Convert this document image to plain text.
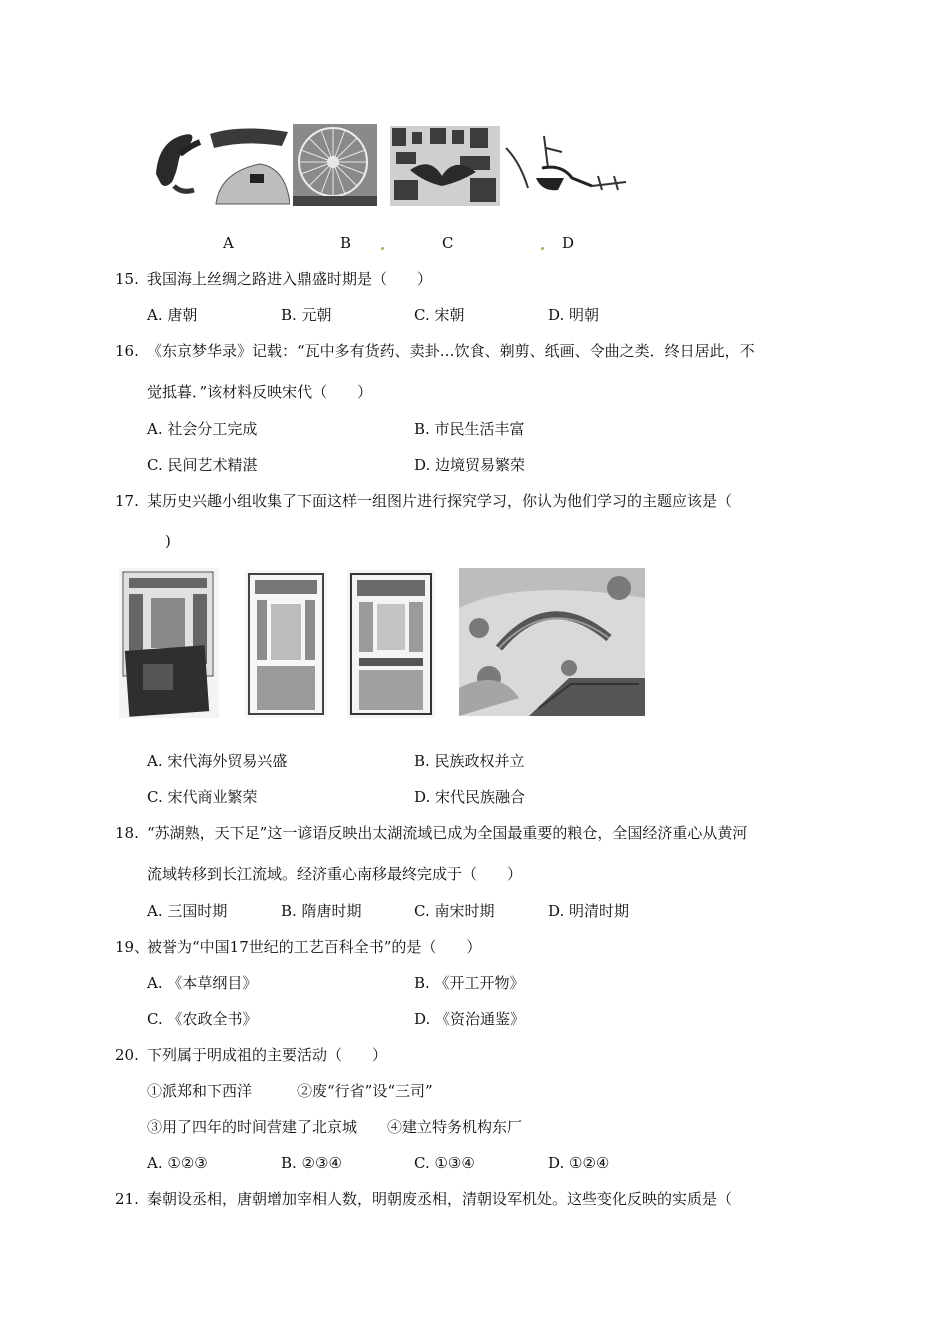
A	B	C	D
15. 我国海上丝绸之路进入鼎盛时期是（　　）
A. 唐朝	B. 元朝	C. 宋朝	D. 明朝
16. 《东京梦华录》记载：“瓦中多有货药、卖卦…饮食、剃剪、纸画、令曲之类．终日居此，不
觉抵暮．”该材料反映宋代（　　）
A. 社会分工完成	B. 市民生活丰富
C. 民间艺术精湛	D. 边境贸易繁荣
17. 某历史兴趣小组收集了下面这样一组图片进行探究学习，你认为他们学习的主题应该是（
)
A. 宋代海外贸易兴盛	B. 民族政权并立
C. 宋代商业繁荣	D. 宋代民族融合
18. “苏湖熟，天下足”这一谚语反映出太湖流域已成为全国最重要的粮仓，全国经济重心从黄河
流域转移到长江流域。经济重心南移最终完成于（　　）
A. 三国时期	B. 隋唐时期	C. 南宋时期	D. 明清时期
19、
被誉为“中国17世纪的工艺百科全书”的是（　　）
A. 《本草纲目》	B. 《开工开物》
C. 《农政全书》	D. 《资治通鉴》
20. 下列属于明成祖的主要活动（　　）
①派郑和下西洋　　　②废“行省”设“三司”
③用了四年的时间营建了北京城　　④建立特务机构东厂
A. ①②③	B. ②③④	C. ①③④	D. ①②④
21. 秦朝设丞相，唐朝增加宰相人数，明朝废丞相，清朝设军机处。这些变化反映的实质是（
